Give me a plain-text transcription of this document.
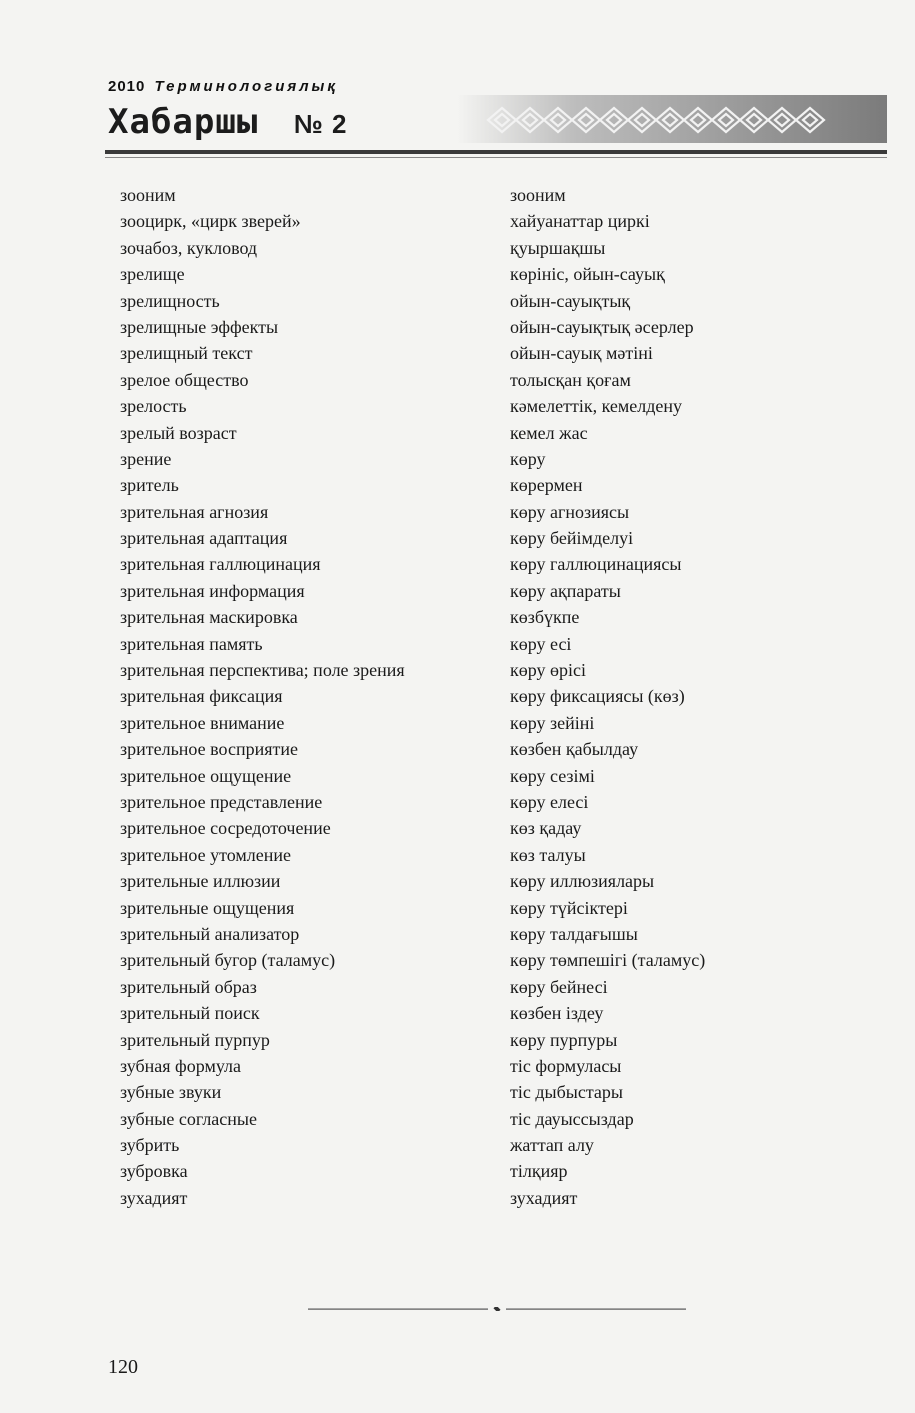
2010 Терминологиялық
Хабаршы № 2
зооним
зооцирк, «цирк зверей»
зочабоз, кукловод
зрелище
зрелищность
зрелищные эффекты
зрелищный текст
зрелое общество
зрелость
зрелый возраст
зрение
зритель
зрительная агнозия
зрительная адаптация
зрительная галлюцинация
зрительная информация
зрительная маскировка
зрительная память
зрительная перспектива; поле зрения
зрительная фиксация
зрительное внимание
зрительное восприятие
зрительное ощущение
зрительное представление
зрительное сосредоточение
зрительное утомление
зрительные иллюзии
зрительные ощущения
зрительный анализатор
зрительный бугор (таламус)
зрительный образ
зрительный поиск
зрительный пурпур
зубная формула
зубные звуки
зубные согласные
зубрить
зубровка
зухадият
зооним
хайуанаттар циркі
қуыршақшы
көрініс, ойын-сауық
ойын-сауықтық
ойын-сауықтық әсерлер
ойын-сауық мәтіні
толысқан қоғам
кәмелеттік, кемелдену
кемел жас
көру
көрермен
көру агнозиясы
көру бейімделуі
көру галлюцинациясы
көру ақпараты
көзбүкпе
көру есі
көру өрісі
көру фиксациясы (көз)
көру зейіні
көзбен қабылдау
көру сезімі
көру елесі
көз қадау
көз талуы
көру иллюзиялары
көру түйсіктері
көру талдағышы
көру төмпешігі (таламус)
көру бейнесі
көзбен іздеу
көру пурпуры
тіс формуласы
тіс дыбыстары
тіс дауыссыздар
жаттап алу
тілқияр
зухадият
120
